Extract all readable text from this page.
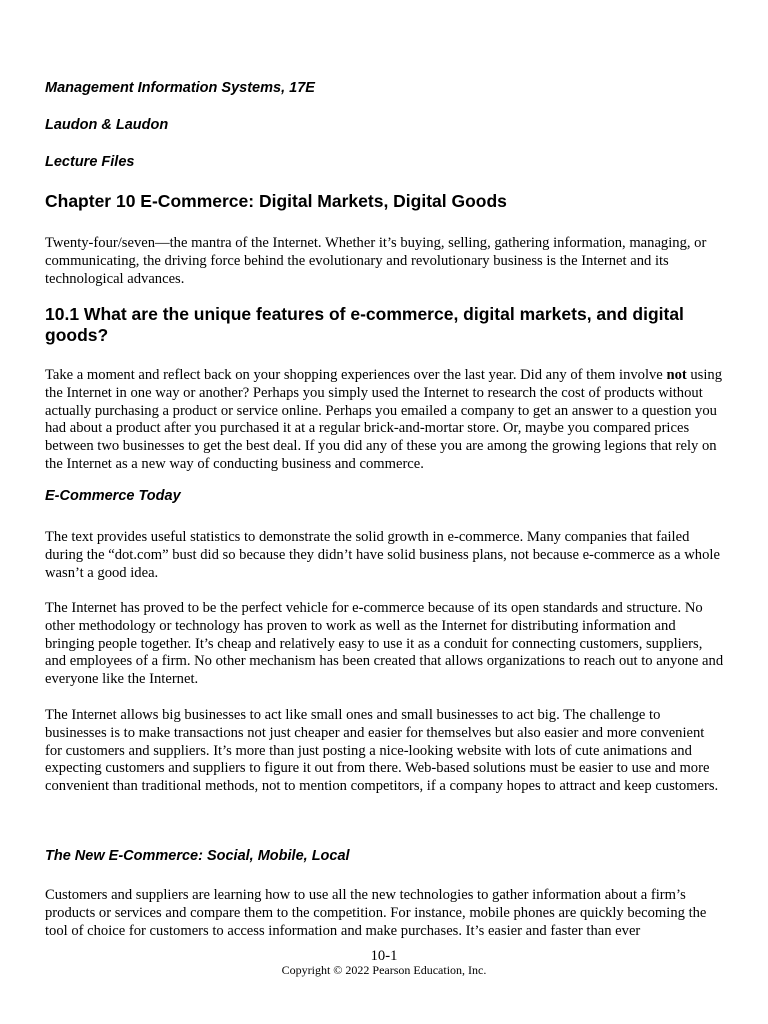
Management Information Systems, 17E

Laudon & Laudon

Lecture Files

Chapter 10 E-Commerce: Digital Markets, Digital Goods

Twenty-four/seven—the mantra of the Internet. Whether it’s buying, selling, gathering information, managing, or communicating, the driving force behind the evolutionary and revolutionary business is the Internet and its technological advances.

10.1 What are the unique features of e-commerce, digital markets, and digital goods?

Take a moment and reflect back on your shopping experiences over the last year. Did any of them involve not using the Internet in one way or another? Perhaps you simply used the Internet to research the cost of products without actually purchasing a product or service online. Perhaps you emailed a company to get an answer to a question you had about a product after you purchased it at a regular brick-and-mortar store. Or, maybe you compared prices between two businesses to get the best deal. If you did any of these you are among the growing legions that rely on the Internet as a new way of conducting business and commerce.

E-Commerce Today

The text provides useful statistics to demonstrate the solid growth in e-commerce. Many companies that failed during the “dot.com” bust did so because they didn’t have solid business plans, not because e-commerce as a whole wasn’t a good idea.

The Internet has proved to be the perfect vehicle for e-commerce because of its open standards and structure. No other methodology or technology has proven to work as well as the Internet for distributing information and bringing people together. It’s cheap and relatively easy to use it as a conduit for connecting customers, suppliers, and employees of a firm. No other mechanism has been created that allows organizations to reach out to anyone and everyone like the Internet.

The Internet allows big businesses to act like small ones and small businesses to act big. The challenge to businesses is to make transactions not just cheaper and easier for themselves but also easier and more convenient for customers and suppliers. It’s more than just posting a nice-looking website with lots of cute animations and expecting customers and suppliers to figure it out from there. Web-based solutions must be easier to use and more convenient than traditional methods, not to mention competitors, if a company hopes to attract and keep customers.

The New E-Commerce: Social, Mobile, Local

Customers and suppliers are learning how to use all the new technologies to gather information about a firm’s products or services and compare them to the competition. For instance, mobile phones are quickly becoming the tool of choice for customers to access information and make purchases. It’s easier and faster than ever

10-1
Copyright © 2022 Pearson Education, Inc.
